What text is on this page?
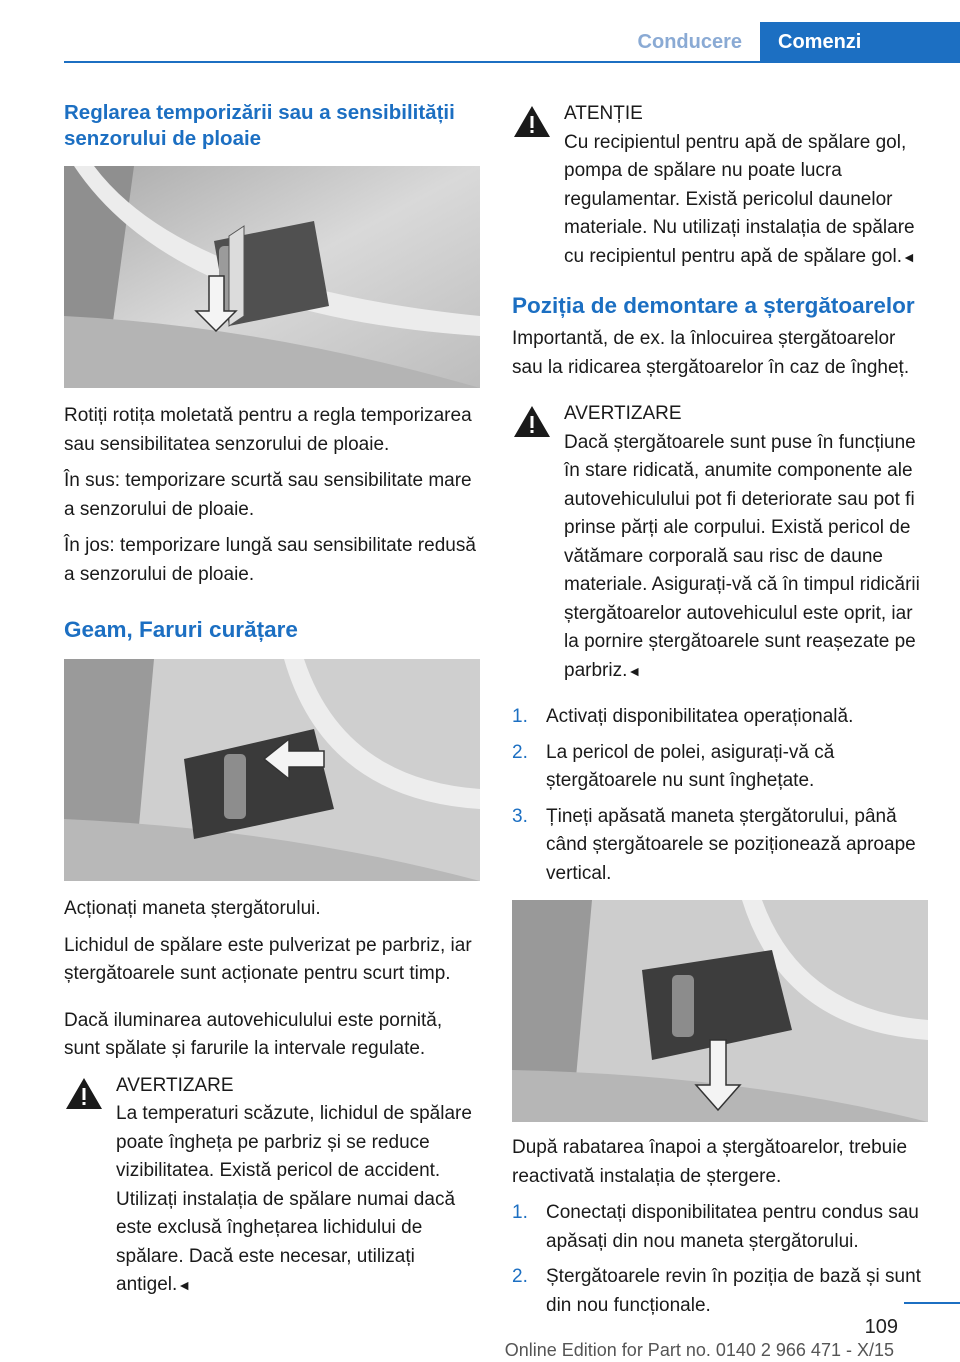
Conducere	Comenzi

Reglarea temporizării sau a sensibilității senzorului de ploaie

Rotiți rotița moletată pentru a regla temporizarea sau sensibilitatea senzorului de ploaie.

În sus: temporizare scurtă sau sensibilitate mare a senzorului de ploaie.

În jos: temporizare lungă sau sensibilitate redusă a senzorului de ploaie.

Geam, Faruri curățare

Acționați maneta ștergătorului.

Lichidul de spălare este pulverizat pe parbriz, iar ștergătoarele sunt acționate pentru scurt timp.

Dacă iluminarea autovehiculului este pornită, sunt spălate și farurile la intervale regulate.

AVERTIZARE

La temperaturi scăzute, lichidul de spălare poate îngheța pe parbriz și se reduce vizibilitatea. Există pericol de accident. Utilizați instalația de spălare numai dacă este exclusă înghețarea lichidului de spălare. Dacă este necesar, utilizați antigel.◄

ATENȚIE

Cu recipientul pentru apă de spălare gol, pompa de spălare nu poate lucra regulamentar. Există pericolul daunelor materiale. Nu utilizați instalația de spălare cu recipientul pentru apă de spălare gol.◄

Poziția de demontare a ștergătoarelor

Importantă, de ex. la înlocuirea ștergătoarelor sau la ridicarea ștergătoarelor în caz de îngheț.

AVERTIZARE

Dacă ștergătoarele sunt puse în funcțiune în stare ridicată, anumite componente ale autovehiculului pot fi deteriorate sau pot fi prinse părți ale corpului. Există pericol de vătămare corporală sau risc de daune materiale. Asigurați-vă că în timpul ridicării ștergătoarelor autovehiculul este oprit, iar la pornire ștergătoarele sunt reașezate pe parbriz.◄

1. Activați disponibilitatea operațională.
2. La pericol de polei, asigurați-vă că ștergătoarele nu sunt înghețate.
3. Țineți apăsată maneta ștergătorului, până când ștergătoarele se poziționează aproape vertical.

După rabatarea înapoi a ștergătoarelor, trebuie reactivată instalația de ștergere.

1. Conectați disponibilitatea pentru condus sau apăsați din nou maneta ștergătorului.
2. Ștergătoarele revin în poziția de bază și sunt din nou funcționale.
109
Online Edition for Part no. 0140 2 966 471 - X/15
